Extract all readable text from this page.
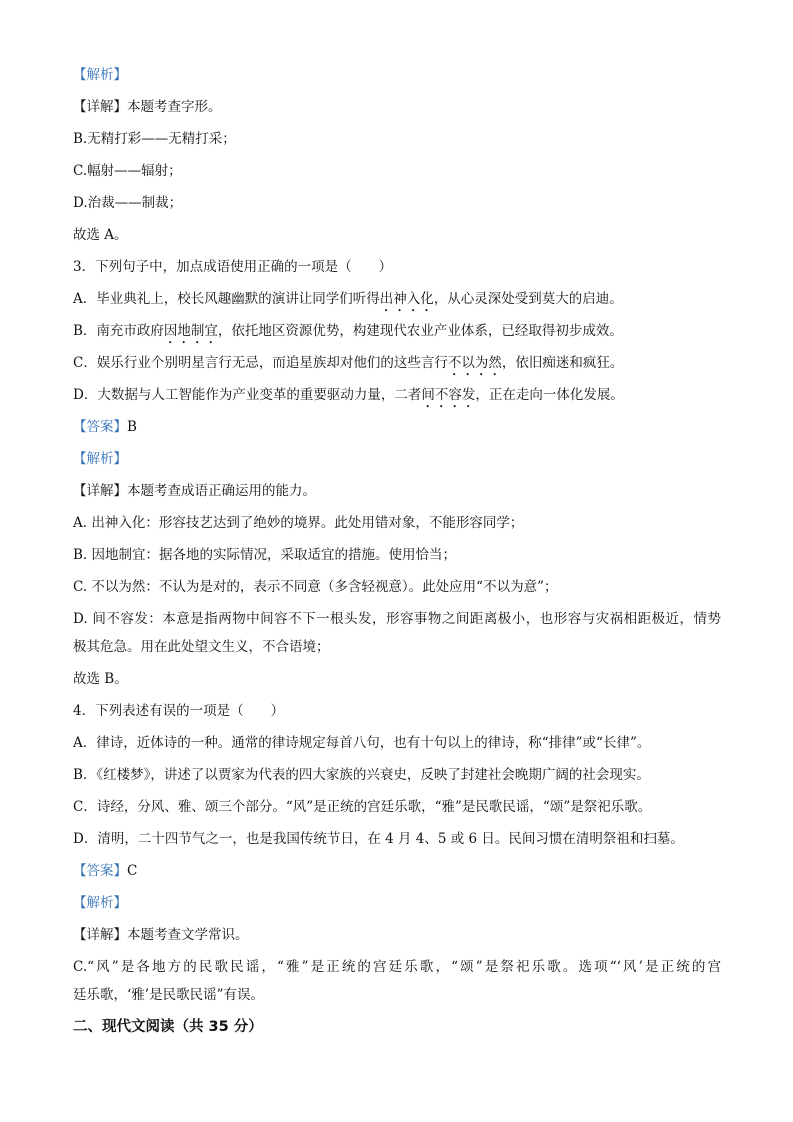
【解析】
【详解】本题考查字形。
B.无精打彩——无精打采；
C.幅射——辐射；
D.治裁——制裁；
故选 A。
3．下列句子中，加点成语使用正确的一项是（　　）
A．毕业典礼上，校长风趣幽默的演讲让同学们听得出神入化，从心灵深处受到莫大的启迪。
B．南充市政府因地制宜，依托地区资源优势，构建现代农业产业体系，已经取得初步成效。
C．娱乐行业个别明星言行无忌，而追星族却对他们的这些言行不以为然，依旧痴迷和疯狂。
D．大数据与人工智能作为产业变革的重要驱动力量，二者间不容发，正在走向一体化发展。
【答案】B
【解析】
【详解】本题考查成语正确运用的能力。
A. 出神入化：形容技艺达到了绝妙的境界。此处用错对象，不能形容同学；
B. 因地制宜：据各地的实际情况，采取适宜的措施。使用恰当；
C. 不以为然：不认为是对的，表示不同意（多含轻视意）。此处应用“不以为意”；
D. 间不容发：本意是指两物中间容不下一根头发，形容事物之间距离极小，也形容与灾祸相距极近，情势
极其危急。用在此处望文生义，不合语境；
故选 B。
4．下列表述有误的一项是（　　）
A．律诗，近体诗的一种。通常的律诗规定每首八句，也有十句以上的律诗，称“排律”或“长律”。
B．《红楼梦》，讲述了以贾家为代表的四大家族的兴衰史，反映了封建社会晚期广阔的社会现实。
C．诗经，分风、雅、颂三个部分。“风”是正统的宫廷乐歌，“雅”是民歌民谣，“颂”是祭祀乐歌。
D．清明，二十四节气之一，也是我国传统节日，在 4 月 4、5 或 6 日。民间习惯在清明祭祖和扫墓。
【答案】C
【解析】
【详解】本题考查文学常识。
C.“风”是各地方的民歌民谣，“雅”是正统的宫廷乐歌，“颂”是祭祀乐歌。选项“‘风’是正统的宫
廷乐歌，‘雅’是民歌民谣”有误。
二、现代文阅读（共 35 分）
